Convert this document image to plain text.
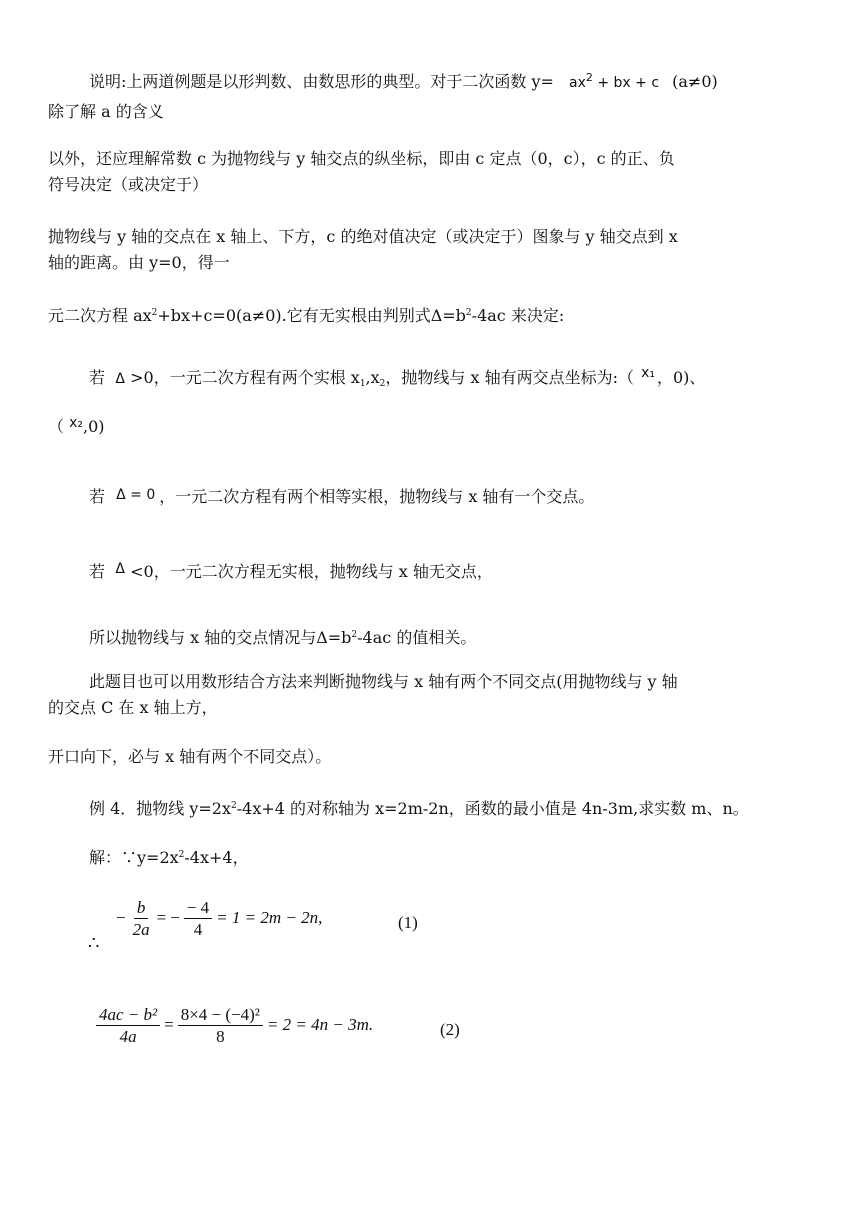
说明:上两道例题是以形判数、由数思形的典型。对于二次函数 $y= ax^2$ + bx + c (a≠0)
除了解 a 的含义
以外，还应理解常数 c 为抛物线与 y 轴交点的纵坐标，即由 c 定点（0，c），c 的正、负
符号决定（或决定于）
抛物线与 y 轴的交点在 x 轴上、下方，c 的绝对值决定（或决定于）图象与 y 轴交点到 x
轴的距离。由 y=0，得一
元二次方程 $ax^2+bx+c=0(a\ne 0)$.它有无实根由判别式$\Delta=b^2-4ac$ 来决定:
若 Δ >0，一元二次方程有两个实根 $x_1,x_2$，抛物线与 x 轴有两交点坐标为:（ x₁ ，0)、
（ x₂,0)
若 Δ = 0 ，一元二次方程有两个相等实根，抛物线与 x 轴有一个交点。
若 Δ <0，一元二次方程无实根，抛物线与 x 轴无交点，
所以抛物线与 x 轴的交点情况与$\Delta=b^2-4ac$ 的值相关。
此题目也可以用数形结合方法来判断抛物线与 x 轴有两个不同交点(用抛物线与 y 轴
的交点 C 在 x 轴上方，
开口向下，必与 x 轴有两个不同交点）。
例 4．抛物线 $y=2x^2-4x+4$ 的对称轴为 x=2m-2n，函数的最小值是 4n-3m,求实数 m、n。
解：$\because y=2x^2-4x+4$，
∴
− $\frac{b}{2a}$ = − $\frac{- 4}{4} = 1 = 2m - 2n$,	(1)
$\frac{\text{4ac − b²}}{4a} = \frac{\text{8×4 − (−4)²}}{8} = 2 = 4n - 3m$.	(2)
